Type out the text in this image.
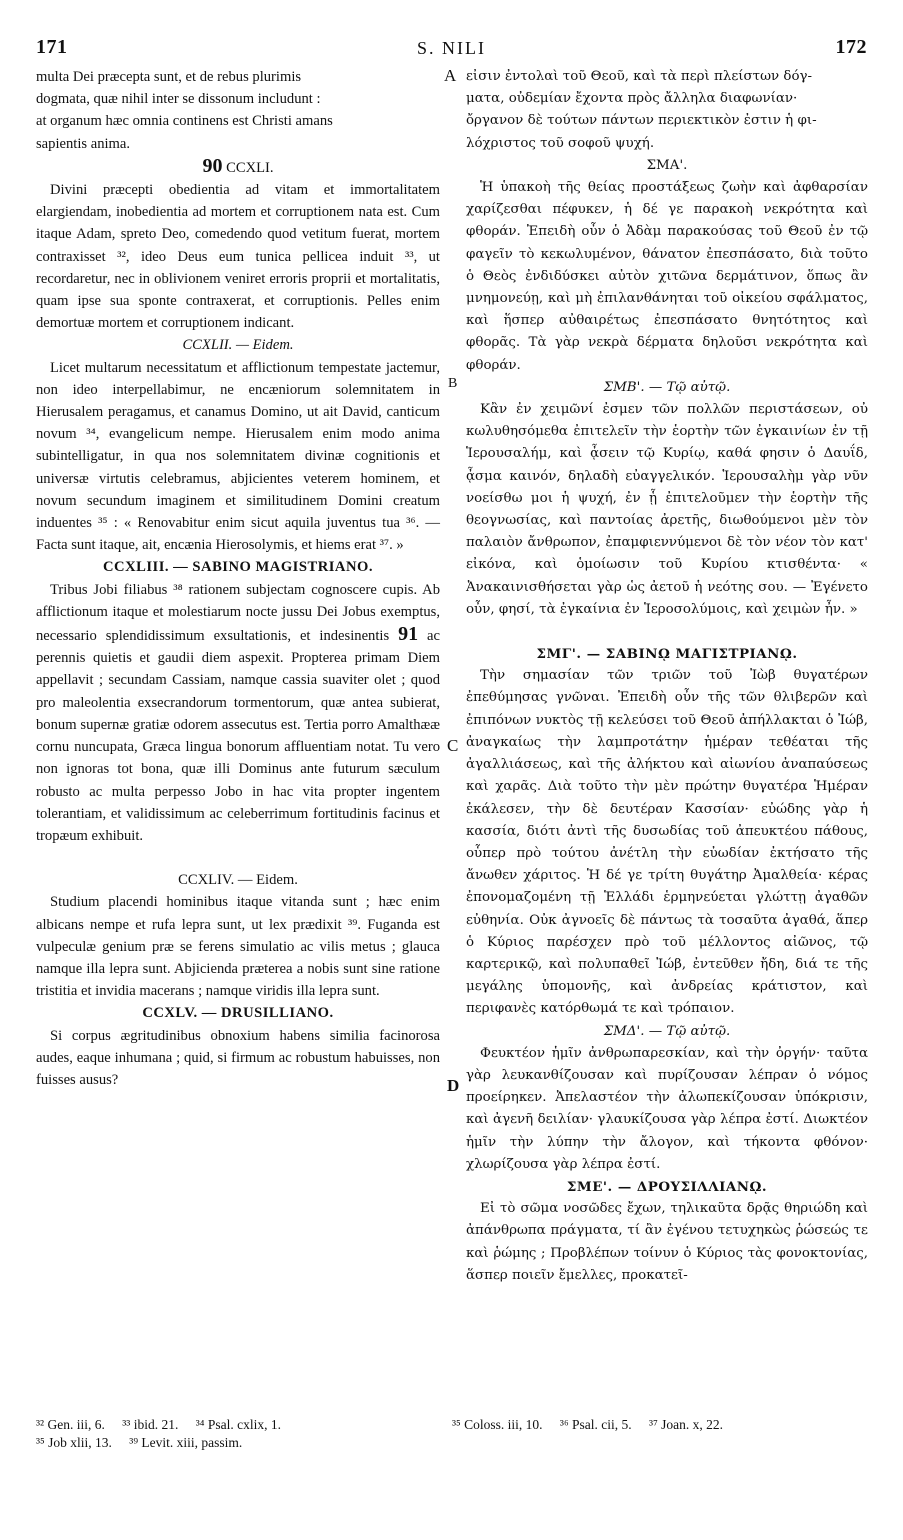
171	S. NILI	172
A
B
C
D

multa Dei præcepta sunt, et de rebus plurimis

dogmata, quæ nihil inter se dissonum includunt :

at organum hæc omnia continens est Christi amans

sapientis anima.

90 CCXLI.

Divini præcepti obedientia ad vitam et immortalitatem elargiendam, inobedientia ad mortem et corruptionem nata est. Cum itaque Adam, spreto Deo, comedendo quod vetitum fuerat, mortem contraxisset ³², ideo Deus eum tunica pellicea induit ³³, ut recordaretur, nec in oblivionem veniret erroris proprii et mortalitatis, quam ipse sua sponte contraxerat, et corruptionis. Pelles enim demortuæ mortem et corruptionem indicant.

CCXLII. — Eidem.

Licet multarum necessitatum et afflictionum tempestate jactemur, non ideo interpellabimur, ne encæniorum solemnitatem in Hierusalem peragamus, et canamus Domino, ut ait David, canticum novum ³⁴, evangelicum nempe. Hierusalem enim modo anima subintelligatur, in qua nos solemnitatem divinæ cognitionis et universæ virtutis celebramus, abjicientes veterem hominem, et novum secundum imaginem et similitudinem Domini creatum induentes ³⁵ : « Renovabitur enim sicut aquila juventus tua ³⁶. — Facta sunt itaque, ait, encænia Hierosolymis, et hiems erat ³⁷. »

CCXLIII. — SABINO MAGISTRIANO.

Tribus Jobi filiabus ³⁸ rationem subjectam cognoscere cupis. Ab afflictionum itaque et molestiarum nocte jussu Dei Jobus exemptus, necessario splendidissimum exsultationis, et indesinentis 91 ac perennis quietis et gaudii diem aspexit. Propterea primam Diem appellavit ; secundam Cassiam, namque cassia suaviter olet ; quod pro maleolentia exsecrandorum tormentorum, quæ antea subierat, bonum supernæ gratiæ odorem assecutus est. Tertia porro Amalthææ cornu nuncupata, Græca lingua bonorum affluentiam notat. Tu vero non ignoras tot bona, quæ illi Dominus ante futurum sæculum robusto ac multa perpesso Jobo in hac vita propter ingentem tolerantiam, et validissimum ac celeberrimum fortitudinis facinus et tropæum exhibuit.

CCXLIV. — Eidem.

Studium placendi hominibus itaque vitanda sunt ; hæc enim albicans nempe et rufa lepra sunt, ut lex prædixit ³⁹. Fuganda est vulpeculæ genium præ se ferens simulatio ac vilis metus ; glauca namque illa lepra sunt. Abjicienda præterea a nobis sunt sine ratione tristitia et invidia macerans ; namque viridis illa lepra sunt.

CCXLV. — DRUSILLIANO.

Si corpus ægritudinibus obnoxium habens similia facinorosa audes, eaque inhumana ; quid, si firmum ac robustum habuisses, non fuisses ausus?

εἰσιν ἐντολαὶ τοῦ Θεοῦ, καὶ τὰ περὶ πλείστων δόγ-

ματα, οὐδεμίαν ἔχοντα πρὸς ἄλληλα διαφωνίαν·

ὄργανον δὲ τούτων πάντων περιεκτικὸν ἐστιν ἡ φι-

λόχριστος τοῦ σοφοῦ ψυχή.

ΣΜΑ'.

Ἡ ὑπακοὴ τῆς θείας προστάξεως ζωὴν καὶ ἀφθαρσίαν χαρίζεσθαι πέφυκεν, ἡ δέ γε παρακοὴ νεκρότητα καὶ φθοράν. Ἐπειδὴ οὖν ὁ Ἀδὰμ παρακούσας τοῦ Θεοῦ ἐν τῷ φαγεῖν τὸ κεκωλυμένον, θάνατον ἐπεσπάσατο, διὰ τοῦτο ὁ Θεὸς ἐνδιδύσκει αὐτὸν χιτῶνα δερμάτινον, ὅπως ἂν μνημονεύῃ, καὶ μὴ ἐπιλανθάνηται τοῦ οἰκείου σφάλματος, καὶ ἥσπερ αὐθαιρέτως ἐπεσπάσατο θνητότητος καὶ φθορᾶς. Τὰ γὰρ νεκρὰ δέρματα δηλοῦσι νεκρότητα καὶ φθοράν.

ΣΜΒ'. — Τῷ αὐτῷ.

Κἂν ἐν χειμῶνί ἐσμεν τῶν πολλῶν περιστάσεων, οὐ κωλυθησόμεθα ἐπιτελεῖν τὴν ἑορτὴν τῶν ἐγκαινίων ἐν τῇ Ἱερουσαλήμ, καὶ ᾆσειν τῷ Κυρίῳ, καθά φησιν ὁ Δαυΐδ, ᾆσμα καινόν, δηλαδὴ εὐαγγελικόν. Ἱερουσαλὴμ γὰρ νῦν νοείσθω μοι ἡ ψυχή, ἐν ᾗ ἐπιτελοῦμεν τὴν ἑορτὴν τῆς θεογνωσίας, καὶ παντοίας ἀρετῆς, διωθούμενοι μὲν τὸν παλαιὸν ἄνθρωπον, ἐπαμφιεννύμενοι δὲ τὸν νέον τὸν κατ' εἰκόνα, καὶ ὁμοίωσιν τοῦ Κυρίου κτισθέντα· « Ἀνακαινισθήσεται γὰρ ὡς ἀετοῦ ἡ νεότης σου. — Ἐγένετο οὖν, φησί, τὰ ἐγκαίνια ἐν Ἱεροσολύμοις, καὶ χειμὼν ἦν. »

ΣΜΓ'. — ΣΑΒΙΝῼ ΜΑΓΙΣΤΡΙΑΝῼ.

Τὴν σημασίαν τῶν τριῶν τοῦ Ἰὼβ θυγατέρων ἐπεθύμησας γνῶναι. Ἐπειδὴ οὖν τῆς τῶν θλιβερῶν καὶ ἐπιπόνων νυκτὸς τῇ κελεύσει τοῦ Θεοῦ ἀπήλλακται ὁ Ἰώβ, ἀναγκαίως τὴν λαμπροτάτην ἡμέραν τεθέαται τῆς ἀγαλλιάσεως, καὶ τῆς ἀλήκτου καὶ αἰωνίου ἀναπαύσεως καὶ χαρᾶς. Διὰ τοῦτο τὴν μὲν πρώτην θυγατέρα Ἡμέραν ἐκάλεσεν, τὴν δὲ δευτέραν Κασσίαν· εὐώδης γὰρ ἡ κασσία, διότι ἀντὶ τῆς δυσωδίας τοῦ ἀπευκτέου πάθους, οὗπερ πρὸ τούτου ἀνέτλη τὴν εὐωδίαν ἐκτήσατο τῆς ἄνωθεν χάριτος. Ἡ δέ γε τρίτη θυγάτηρ Ἀμαλθεία· κέρας ἐπονομαζομένη τῇ Ἑλλάδι ἑρμηνεύεται γλώττῃ ἀγαθῶν εὐθηνία. Οὐκ ἀγνοεῖς δὲ πάντως τὰ τοσαῦτα ἀγαθά, ἅπερ ὁ Κύριος παρέσχεν πρὸ τοῦ μέλλοντος αἰῶνος, τῷ καρτερικῷ, καὶ πολυπαθεῖ Ἰώβ, ἐντεῦθεν ἤδη, διά τε τῆς μεγάλης ὑπομονῆς, καὶ ἀνδρείας κράτιστον, καὶ περιφανὲς κατόρθωμά τε καὶ τρόπαιον.

ΣΜΔ'. — Τῷ αὐτῷ.

Φευκτέον ἡμῖν ἀνθρωπαρεσκίαν, καὶ τὴν ὀργήν· ταῦτα γὰρ λευκανθίζουσαν καὶ πυρίζουσαν λέπραν ὁ νόμος προείρηκεν. Ἀπελαστέον τὴν ἀλωπεκίζουσαν ὑπόκρισιν, καὶ ἀγενῆ δειλίαν· γλαυκίζουσα γὰρ λέπρα ἐστί. Διωκτέον ἡμῖν τὴν λύπην τὴν ἄλογον, καὶ τήκοντα φθόνον· χλωρίζουσα γὰρ λέπρα ἐστί.

ΣΜΕ'. — ΔΡΟΥΣΙΛΛΙΑΝῼ.

Εἰ τὸ σῶμα νοσῶδες ἔχων, τηλικαῦτα δρᾷς θηριώδη καὶ ἀπάνθρωπα πράγματα, τί ἂν ἐγένου τετυχηκὼς ῥώσεώς τε καὶ ῥώμης ; Προβλέπων τοίνυν ὁ Κύριος τὰς φονοκτονίας, ἅσπερ ποιεῖν ἔμελλες, προκατεῖ-

³² Gen. iii, 6. ³³ ibid. 21. ³⁴ Psal. cxlix, 1.
³⁵ Job xlii, 13. ³⁹ Levit. xiii, passim.
³⁵ Coloss. iii, 10. ³⁶ Psal. cii, 5. ³⁷ Joan. x, 22.
